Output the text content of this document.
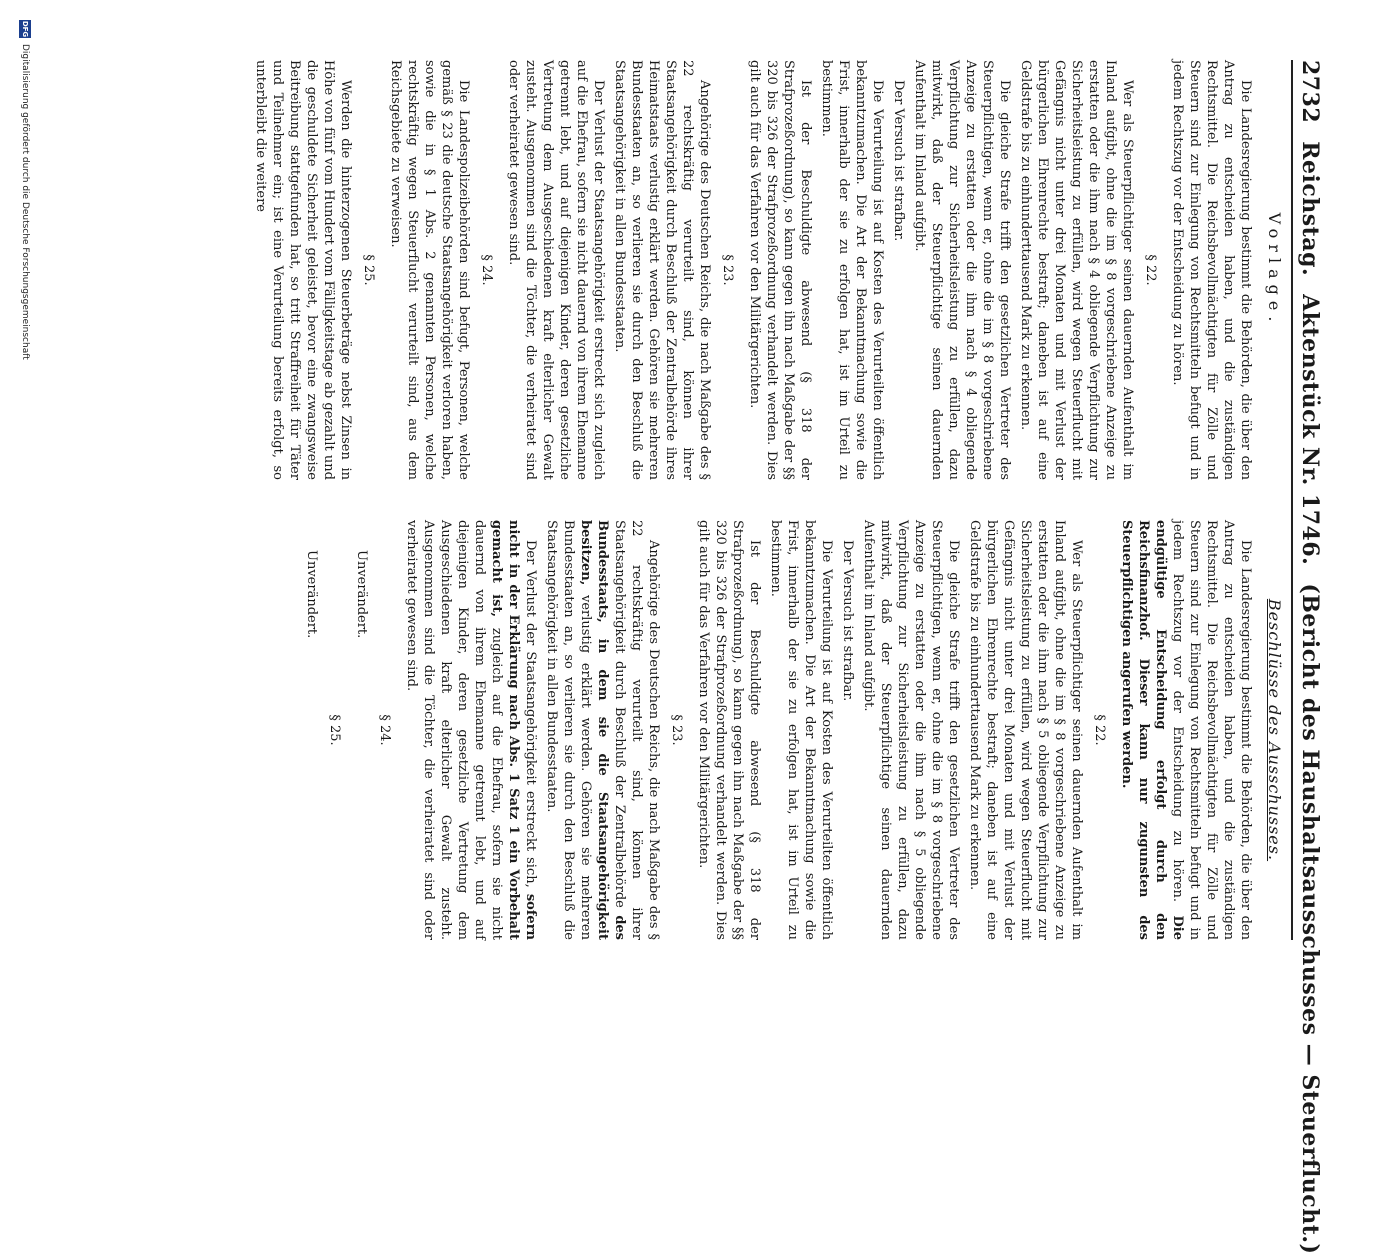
2732
Reichstag.
Aktenstück Nr. 1746.
(Bericht des Haushaltsausschusses — Steuerflucht.)
Vorlage.

Die Landesregierung bestimmt die Behörden, die über den Antrag zu entscheiden haben, und die zuständigen Rechtsmittel. Die Reichsbevollmächtigten für Zölle und Steuern sind zur Einlegung von Rechtsmitteln befugt und in jedem Rechtszug vor der Entscheidung zu hören.

§ 22.

Wer als Steuerpflichtiger seinen dauernden Aufenthalt im Inland aufgibt, ohne die im § 8 vorgeschriebene Anzeige zu erstatten oder die ihm nach § 4 obliegende Verpflichtung zur Sicherheitsleistung zu erfüllen, wird wegen Steuerflucht mit Gefängnis nicht unter drei Monaten und mit Verlust der bürgerlichen Ehrenrechte bestraft; daneben ist auf eine Geldstrafe bis zu einhunderttausend Mark zu erkennen.

Die gleiche Strafe trifft den gesetzlichen Vertreter des Steuerpflichtigen, wenn er, ohne die im § 8 vorgeschriebene Anzeige zu erstatten oder die ihm nach § 4 obliegende Verpflichtung zur Sicherheitsleistung zu erfüllen, dazu mitwirkt, daß der Steuerpflichtige seinen dauernden Aufenthalt im Inland aufgibt.

Der Versuch ist strafbar.

Die Verurteilung ist auf Kosten des Verurteilten öffentlich bekanntzumachen. Die Art der Bekanntmachung sowie die Frist, innerhalb der sie zu erfolgen hat, ist im Urteil zu bestimmen.

Ist der Beschuldigte abwesend (§ 318 der Strafprozeßordnung), so kann gegen ihn nach Maßgabe der §§ 320 bis 326 der Strafprozeßordnung verhandelt werden. Dies gilt auch für das Verfahren vor den Militärgerichten.

§ 23.

Angehörige des Deutschen Reichs, die nach Maßgabe des § 22 rechtskräftig verurteilt sind, können ihrer Staatsangehörigkeit durch Beschluß der Zentralbehörde ihres Heimatstaats verlustig erklärt werden. Gehören sie mehreren Bundesstaaten an, so verlieren sie durch den Beschluß die Staatsangehörigkeit in allen Bundesstaaten.

Der Verlust der Staatsangehörigkeit erstreckt sich zugleich auf die Ehefrau, sofern sie nicht dauernd von ihrem Ehemanne getrennt lebt, und auf diejenigen Kinder, deren gesetzliche Vertretung dem Ausgeschiedenen kraft elterlicher Gewalt zusteht. Ausgenommen sind die Töchter, die verheiratet sind oder verheiratet gewesen sind.

§ 24.

Die Landespolizeibehörden sind befugt, Personen, welche gemäß § 23 die deutsche Staatsangehörigkeit verloren haben, sowie die in § 1 Abs. 2 genannten Personen, welche rechtskräftig wegen Steuerflucht verurteilt sind, aus dem Reichsgebiete zu verweisen.

§ 25.

Werden die hinterzogenen Steuerbeträge nebst Zinsen in Höhe von fünf vom Hundert vom Fälligkeitstage ab gezahlt und die geschuldete Sicherheit geleistet, bevor eine zwangsweise Beitreibung stattgefunden hat, so tritt Straffreiheit für Täter und Teilnehmer ein; ist eine Verurteilung bereits erfolgt, so unterbleibt die weitere

Beschlüsse des Ausschusses.

Die Landesregierung bestimmt die Behörden, die über den Antrag zu entscheiden haben, und die zuständigen Rechtsmittel. Die Reichsbevollmächtigten für Zölle und Steuern sind zur Einlegung von Rechtsmitteln befugt und in jedem Rechtszug vor der Entscheidung zu hören. Die endgültige Entscheidung erfolgt durch den Reichsfinanzhof. Dieser kann nur zugunsten des Steuerpflichtigen angerufen werden.

§ 22.

Wer als Steuerpflichtiger seinen dauernden Aufenthalt im Inland aufgibt, ohne die im § 8 vorgeschriebene Anzeige zu erstatten oder die ihm nach § 5 obliegende Verpflichtung zur Sicherheitsleistung zu erfüllen, wird wegen Steuerflucht mit Gefängnis nicht unter drei Monaten und mit Verlust der bürgerlichen Ehrenrechte bestraft; daneben ist auf eine Geldstrafe bis zu einhunderttausend Mark zu erkennen.

Die gleiche Strafe trifft den gesetzlichen Vertreter des Steuerpflichtigen, wenn er, ohne die im § 8 vorgeschriebene Anzeige zu erstatten oder die ihm nach § 5 obliegende Verpflichtung zur Sicherheitsleistung zu erfüllen, dazu mitwirkt, daß der Steuerpflichtige seinen dauernden Aufenthalt im Inland aufgibt.

Der Versuch ist strafbar.

Die Verurteilung ist auf Kosten des Verurteilten öffentlich bekanntzumachen. Die Art der Bekanntmachung sowie die Frist, innerhalb der sie zu erfolgen hat, ist im Urteil zu bestimmen.

Ist der Beschuldigte abwesend (§ 318 der Strafprozeßordnung), so kann gegen ihn nach Maßgabe der §§ 320 bis 326 der Strafprozeßordnung verhandelt werden. Dies gilt auch für das Verfahren vor den Militärgerichten.

§ 23.

Angehörige des Deutschen Reichs, die nach Maßgabe des § 22 rechtskräftig verurteilt sind, können ihrer Staatsangehörigkeit durch Beschluß der Zentralbehörde des Bundesstaats, in dem sie die Staatsangehörigkeit besitzen, verlustig erklärt werden. Gehören sie mehreren Bundesstaaten an, so verlieren sie durch den Beschluß die Staatsangehörigkeit in allen Bundesstaaten.

Der Verlust der Staatsangehörigkeit erstreckt sich, sofern nicht in der Erklärung nach Abs. 1 Satz 1 ein Vorbehalt gemacht ist, zugleich auf die Ehefrau, sofern sie nicht dauernd von ihrem Ehemanne getrennt lebt, und auf diejenigen Kinder, deren gesetzliche Vertretung dem Ausgeschiedenen kraft elterlicher Gewalt zusteht. Ausgenommen sind die Töchter, die verheiratet sind oder verheiratet gewesen sind.

§ 24.

Unverändert.

§ 25.

Unverändert.

DFG
Digitalisierung gefördert durch die Deutsche Forschungsgemeinschaft
